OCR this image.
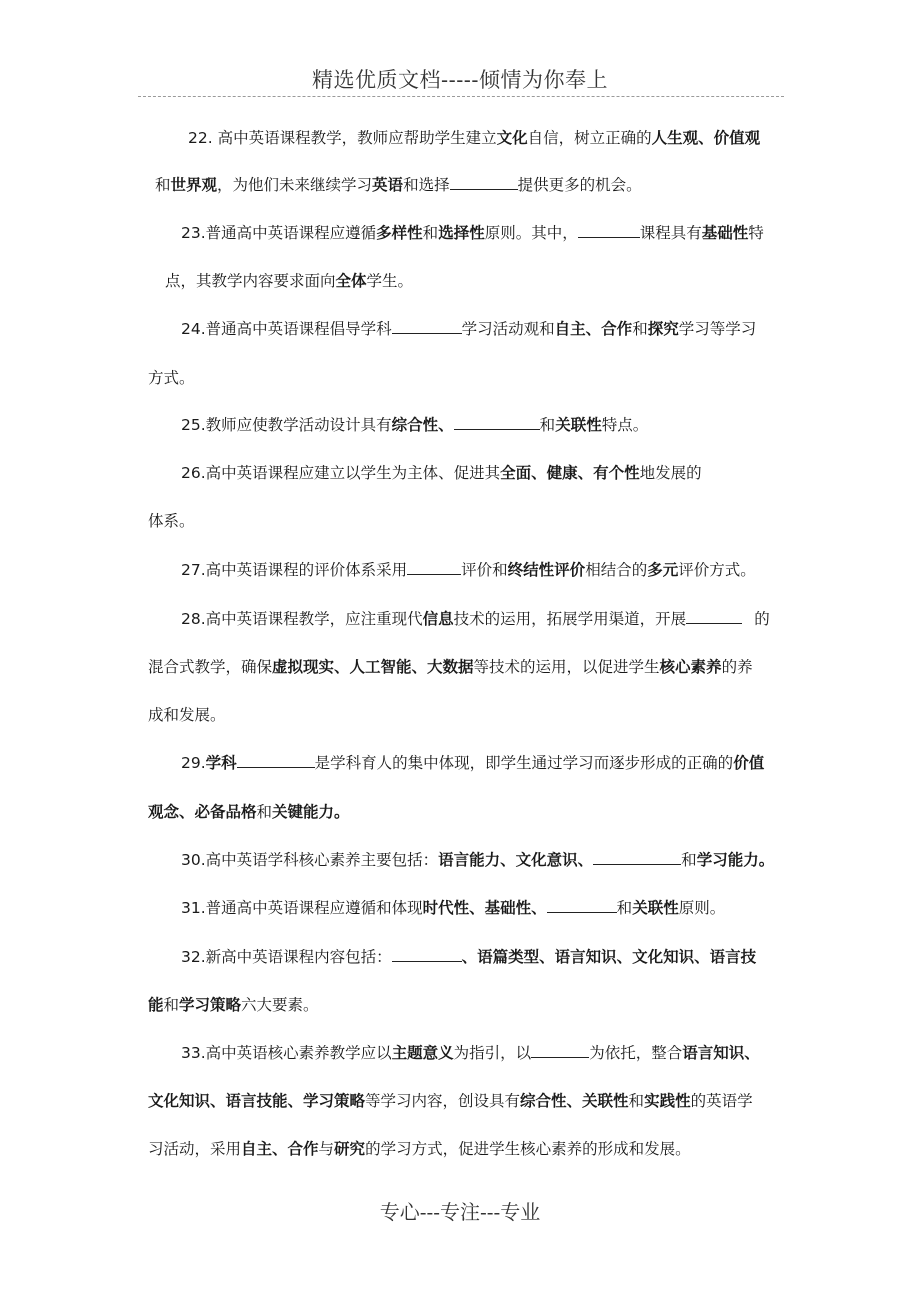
精选优质文档-----倾情为你奉上
22. 高中英语课程教学，教师应帮助学生建立文化自信，树立正确的人生观、价值观
和世界观，为他们未来继续学习英语和选择	提供更多的机会。
23.普通高中英语课程应遵循多样性和选择性原则。其中，	课程具有基础性特
点，其教学内容要求面向全体学生。
24.普通高中英语课程倡导学科	学习活动观和自主、合作和探究学习等学习
方式。
25.教师应使教学活动设计具有综合性、	和关联性特点。
26.高中英语课程应建立以学生为主体、促进其全面、健康、有个性地发展的
体系。
27.高中英语课程的评价体系采用	评价和终结性评价相结合的多元评价方式。
28.高中英语课程教学，应注重现代信息技术的运用，拓展学用渠道，开展	的
混合式教学，确保虚拟现实、人工智能、大数据等技术的运用，以促进学生核心素养的养
成和发展。
29.学科	是学科育人的集中体现，即学生通过学习而逐步形成的正确的价值
观念、必备品格和关键能力。
30.高中英语学科核心素养主要包括：语言能力、文化意识、	和学习能力。
31.普通高中英语课程应遵循和体现时代性、基础性、	和关联性原则。
32.新高中英语课程内容包括：	、语篇类型、语言知识、文化知识、语言技
能和学习策略六大要素。
33.高中英语核心素养教学应以主题意义为指引，以	为依托，整合语言知识、
文化知识、语言技能、学习策略等学习内容，创设具有综合性、关联性和实践性的英语学
习活动，采用自主、合作与研究的学习方式，促进学生核心素养的形成和发展。
专心---专注---专业
